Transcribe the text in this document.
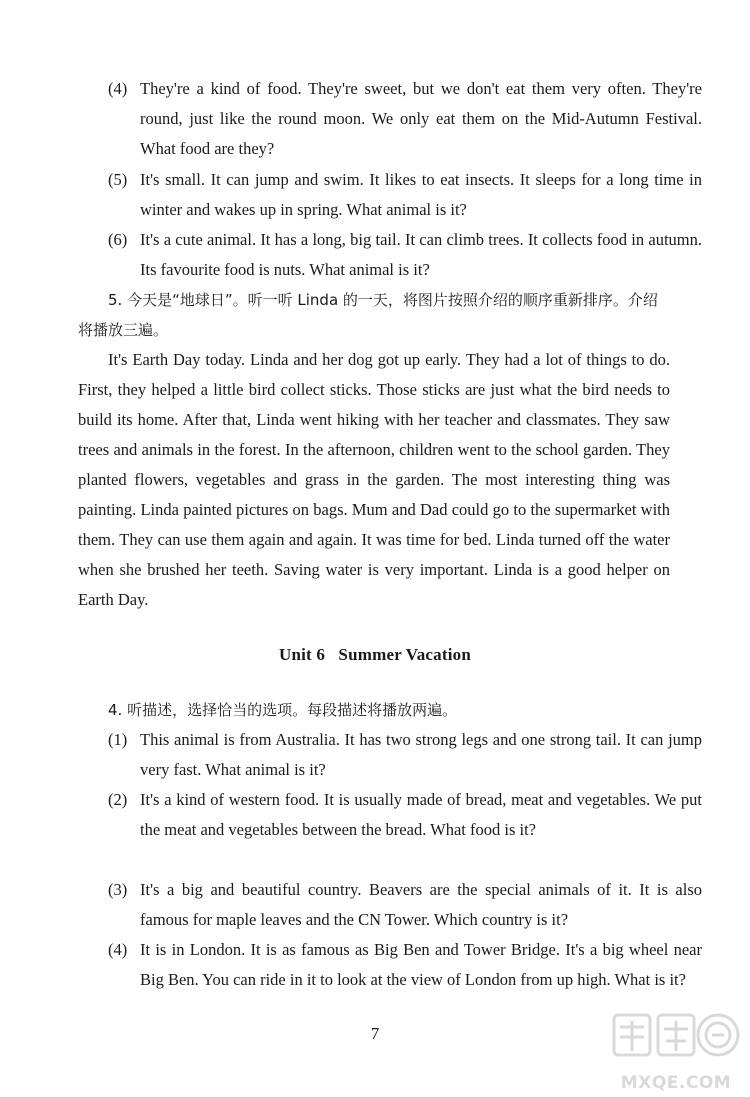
(4) They're a kind of food. They're sweet, but we don't eat them very often. They're round, just like the round moon. We only eat them on the Mid-Autumn Festival. What food are they?
(5) It's small. It can jump and swim. It likes to eat insects. It sleeps for a long time in winter and wakes up in spring. What animal is it?
(6) It's a cute animal. It has a long, big tail. It can climb trees. It collects food in autumn. Its favourite food is nuts. What animal is it?
5. 今天是“地球日”。听一听 Linda 的一天，将图片按照介绍的顺序重新排序。介绍将播放三遍。
It's Earth Day today. Linda and her dog got up early. They had a lot of things to do. First, they helped a little bird collect sticks. Those sticks are just what the bird needs to build its home. After that, Linda went hiking with her teacher and classmates. They saw trees and animals in the forest. In the afternoon, children went to the school garden. They planted flowers, vegetables and grass in the garden. The most interesting thing was painting. Linda painted pictures on bags. Mum and Dad could go to the supermarket with them. They can use them again and again. It was time for bed. Linda turned off the water when she brushed her teeth. Saving water is very important. Linda is a good helper on Earth Day.
Unit 6   Summer Vacation
4. 听描述，选择恰当的选项。每段描述将播放两遍。
(1) This animal is from Australia. It has two strong legs and one strong tail. It can jump very fast. What animal is it?
(2) It's a kind of western food. It is usually made of bread, meat and vegetables. We put the meat and vegetables between the bread. What food is it?
(3) It's a big and beautiful country. Beavers are the special animals of it. It is also famous for maple leaves and the CN Tower. Which country is it?
(4) It is in London. It is as famous as Big Ben and Tower Bridge. It's a big wheel near Big Ben. You can ride in it to look at the view of London from up high. What is it?
7
MXQE.COM
